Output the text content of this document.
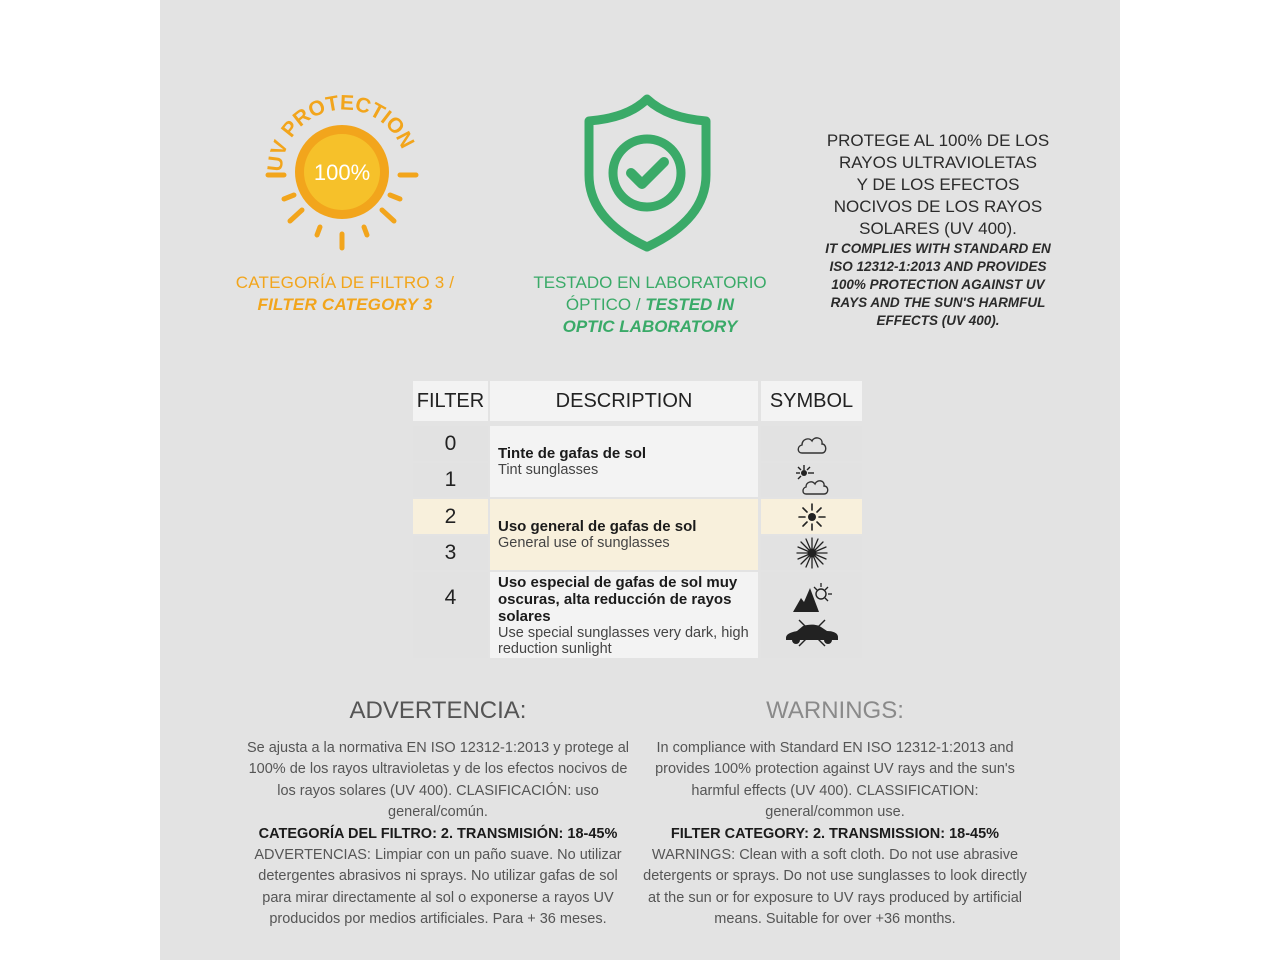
UV PROTECTION
100%
CATEGORÍA DE FILTRO 3 /
FILTER CATEGORY 3
TESTADO EN LABORATORIO
ÓPTICO / TESTED IN
OPTIC LABORATORY
PROTEGE AL 100% DE LOS
RAYOS ULTRAVIOLETAS
Y DE LOS EFECTOS
NOCIVOS DE LOS RAYOS
SOLARES (UV 400).
IT COMPLIES WITH STANDARD EN
ISO 12312-1:2013 AND PROVIDES
100% PROTECTION AGAINST UV
RAYS AND THE SUN'S HARMFUL
EFFECTS (UV 400).
FILTER	DESCRIPTION	SYMBOL
0
1
2
3
4
Tinte de gafas de sol
Tint sunglasses
Uso general de gafas de sol
General use of sunglasses
Uso especial de gafas de sol muy oscuras, alta reducción de rayos solares
Use special sunglasses very dark, high reduction sunlight
ADVERTENCIA:

Se ajusta a la normativa EN ISO 12312-1:2013 y protege al 100% de los rayos ultravioletas y de los efectos nocivos de los rayos solares (UV 400). CLASIFICACIÓN: uso general/común.

CATEGORÍA DEL FILTRO: 2. TRANSMISIÓN: 18-45%

ADVERTENCIAS: Limpiar con un paño suave. No utilizar detergentes abrasivos ni sprays. No utilizar gafas de sol para mirar directamente al sol o exponerse a rayos UV producidos por medios artificiales. Para + 36 meses.

WARNINGS:

In compliance with Standard EN ISO 12312-1:2013 and provides 100% protection against UV rays and the sun's harmful effects (UV 400). CLASSIFICATION: general/common use.

FILTER CATEGORY: 2. TRANSMISSION: 18-45%

WARNINGS: Clean with a soft cloth. Do not use abrasive detergents or sprays. Do not use sunglasses to look directly at the sun or for exposure to UV rays produced by artificial means. Suitable for over +36 months.
